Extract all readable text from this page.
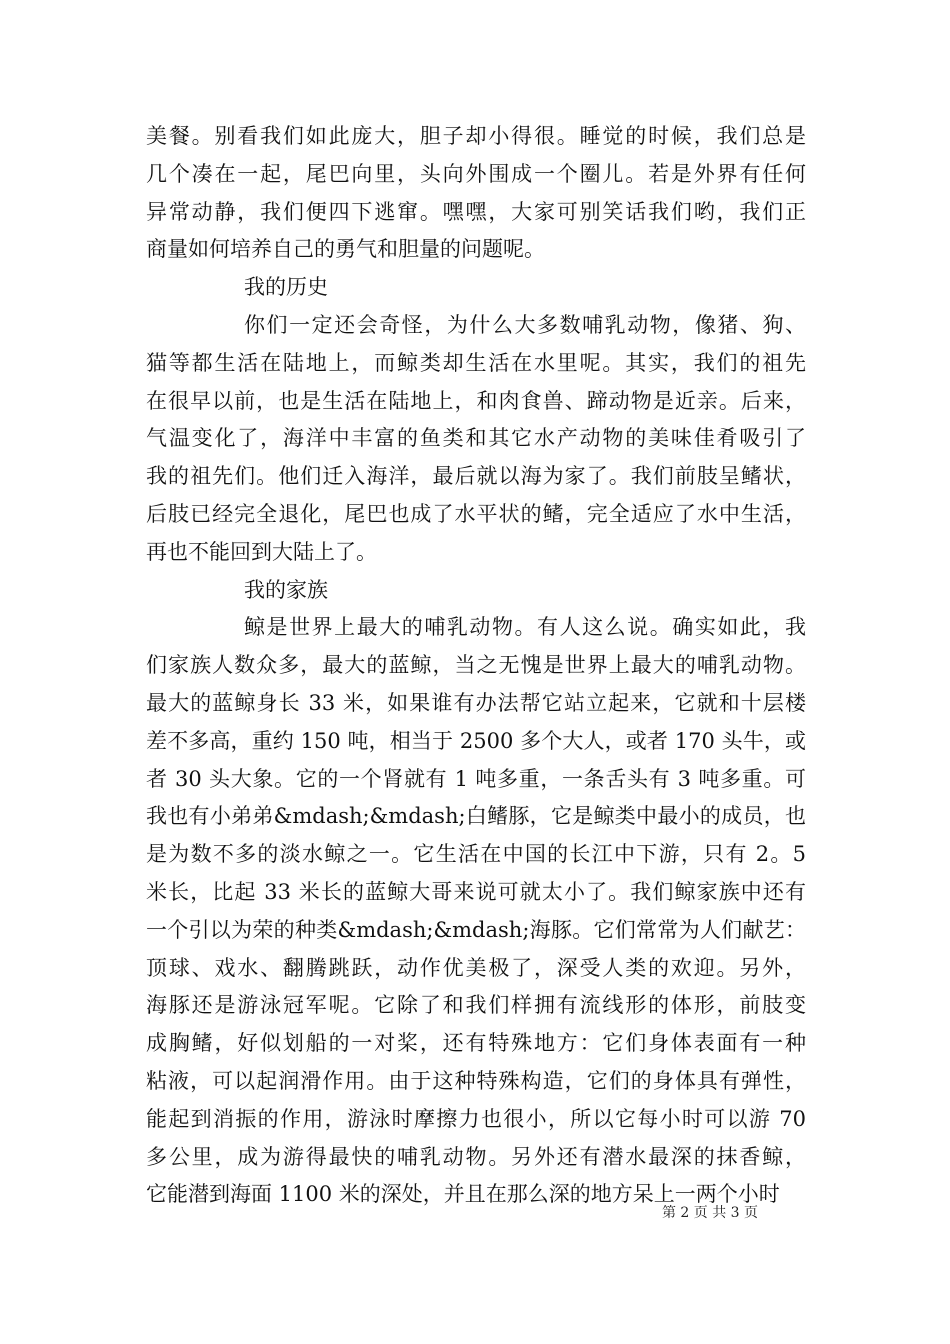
美餐。别看我们如此庞大，胆子却小得很。睡觉的时候，我们总是
几个凑在一起，尾巴向里，头向外围成一个圈儿。若是外界有任何
异常动静，我们便四下逃窜。嘿嘿，大家可别笑话我们哟，我们正
商量如何培养自己的勇气和胆量的问题呢。
我的历史
你们一定还会奇怪，为什么大多数哺乳动物，像猪、狗、
猫等都生活在陆地上，而鲸类却生活在水里呢。其实，我们的祖先
在很早以前，也是生活在陆地上，和肉食兽、蹄动物是近亲。后来，
气温变化了，海洋中丰富的鱼类和其它水产动物的美味佳肴吸引了
我的祖先们。他们迁入海洋，最后就以海为家了。我们前肢呈鳍状，
后肢已经完全退化，尾巴也成了水平状的鳍，完全适应了水中生活，
再也不能回到大陆上了。
我的家族
鲸是世界上最大的哺乳动物。有人这么说。确实如此，我
们家族人数众多，最大的蓝鲸，当之无愧是世界上最大的哺乳动物。
最大的蓝鲸身长 33 米，如果谁有办法帮它站立起来，它就和十层楼
差不多高，重约 150 吨，相当于 2500 多个大人，或者 170 头牛，或
者 30 头大象。它的一个肾就有 1 吨多重，一条舌头有 3 吨多重。可
我也有小弟弟&mdash;&mdash;白鳍豚，它是鲸类中最小的成员，也
是为数不多的淡水鲸之一。它生活在中国的长江中下游，只有 2。5
米长，比起 33 米长的蓝鲸大哥来说可就太小了。我们鲸家族中还有
一个引以为荣的种类&mdash;&mdash;海豚。它们常常为人们献艺：
顶球、戏水、翻腾跳跃，动作优美极了，深受人类的欢迎。另外，
海豚还是游泳冠军呢。它除了和我们样拥有流线形的体形，前肢变
成胸鳍，好似划船的一对桨，还有特殊地方：它们身体表面有一种
粘液，可以起润滑作用。由于这种特殊构造，它们的身体具有弹性，
能起到消振的作用，游泳时摩擦力也很小，所以它每小时可以游 70
多公里，成为游得最快的哺乳动物。另外还有潜水最深的抹香鲸，
它能潜到海面 1100 米的深处，并且在那么深的地方呆上一两个小时
第 2 页 共 3 页
